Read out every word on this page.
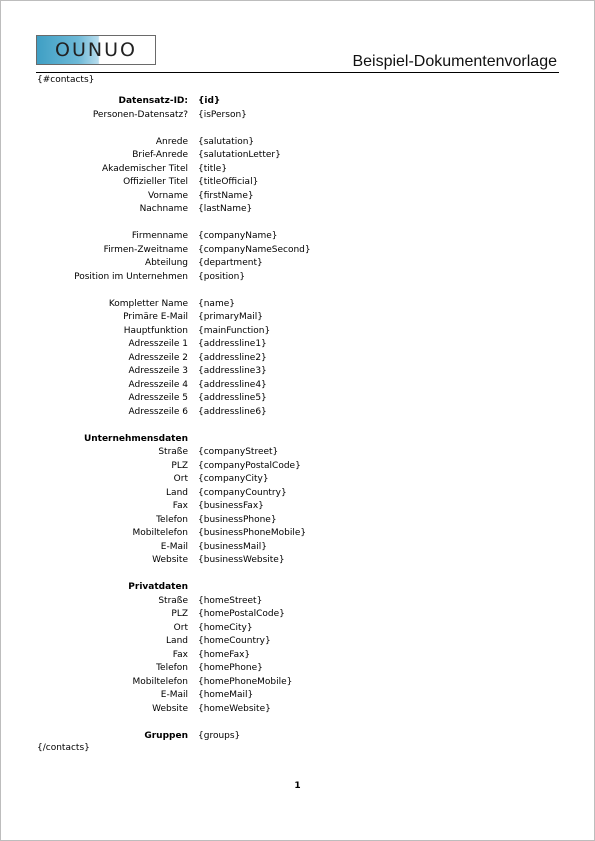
OUNUO
Beispiel-Dokumentenvorlage
{#contacts}
Datensatz-ID: {id}
Personen-Datensatz? {isPerson}
Anrede {salutation}
Brief-Anrede {salutationLetter}
Akademischer Titel {title}
Offizieller Titel {titleOfficial}
Vorname {firstName}
Nachname {lastName}
Firmenname {companyName}
Firmen-Zweitname {companyNameSecond}
Abteilung {department}
Position im Unternehmen {position}
Kompletter Name {name}
Primäre E-Mail {primaryMail}
Hauptfunktion {mainFunction}
Adresszeile 1 {addressline1}
Adresszeile 2 {addressline2}
Adresszeile 3 {addressline3}
Adresszeile 4 {addressline4}
Adresszeile 5 {addressline5}
Adresszeile 6 {addressline6}
Unternehmensdaten
Straße {companyStreet}
PLZ {companyPostalCode}
Ort {companyCity}
Land {companyCountry}
Fax {businessFax}
Telefon {businessPhone}
Mobiltelefon {businessPhoneMobile}
E-Mail {businessMail}
Website {businessWebsite}
Privatdaten
Straße {homeStreet}
PLZ {homePostalCode}
Ort {homeCity}
Land {homeCountry}
Fax {homeFax}
Telefon {homePhone}
Mobiltelefon {homePhoneMobile}
E-Mail {homeMail}
Website {homeWebsite}
Gruppen {groups}
{/contacts}
1
